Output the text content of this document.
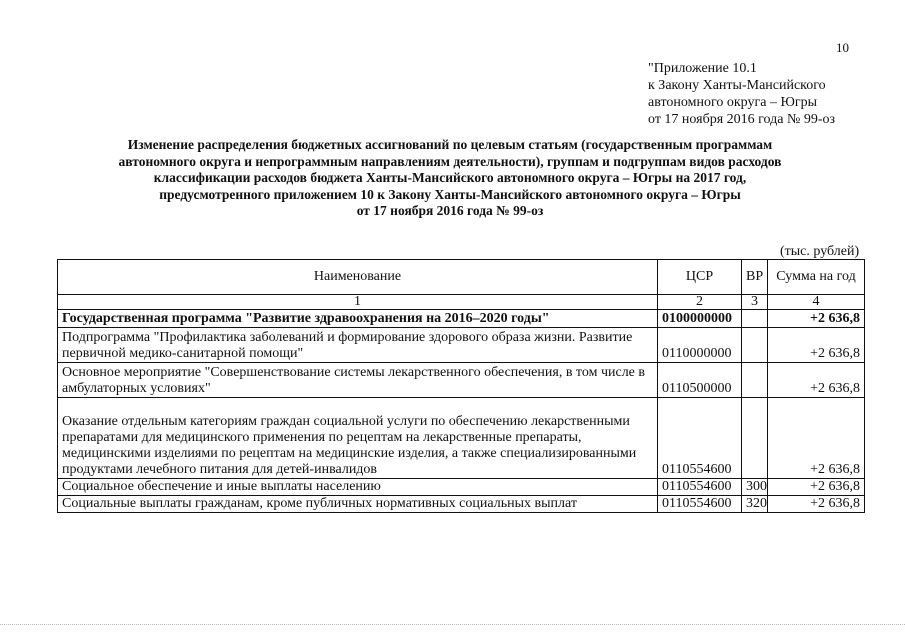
10
"Приложение 10.1
к Закону Ханты-Мансийского
автономного округа – Югры
от 17 ноября 2016 года № 99-оз
Изменение распределения бюджетных ассигнований по целевым статьям (государственным программам
автономного округа и непрограммным направлениям деятельности), группам и подгруппам видов расходов
классификации расходов бюджета Ханты-Мансийского автономного округа – Югры на 2017 год,
предусмотренного приложением 10 к Закону Ханты-Мансийского автономного округа – Югры
от 17 ноября 2016 года № 99-оз
(тыс. рублей)
Наименование	ЦСР	ВР	Сумма на год
1	2	3	4
Государственная программа "Развитие здравоохранения на 2016–2020 годы"	0100000000		+2 636,8
Подпрограмма "Профилактика заболеваний и формирование здорового образа жизни. Развитие первичной медико-санитарной помощи"	0110000000		+2 636,8
Основное мероприятие "Совершенствование системы лекарственного обеспечения, в том числе в амбулаторных условиях"	0110500000		+2 636,8
Оказание отдельным категориям граждан социальной услуги по обеспечению лекарственными препаратами для медицинского применения по рецептам на лекарственные препараты, медицинскими изделиями по рецептам на медицинские изделия, а также специализированными продуктами лечебного питания для детей-инвалидов	0110554600		+2 636,8
Социальное обеспечение и иные выплаты населению	0110554600	300	+2 636,8
Социальные выплаты гражданам, кроме публичных нормативных социальных выплат	0110554600	320	+2 636,8
